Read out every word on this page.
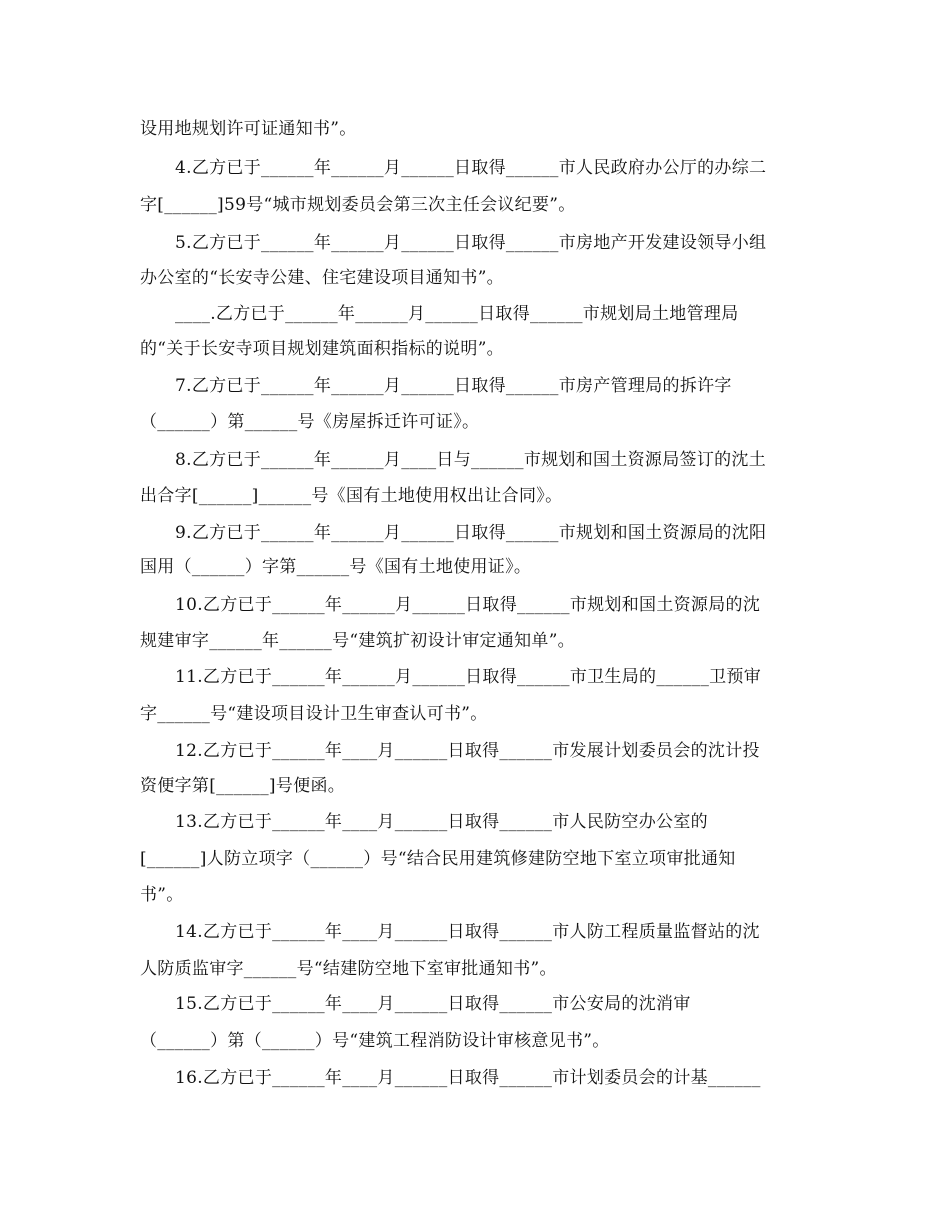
设用地规划许可证通知书”。
4.乙方已于______年______月______日取得______市人民政府办公厅的办综二
字[______]59号“城市规划委员会第三次主任会议纪要”。
5.乙方已于______年______月______日取得______市房地产开发建设领导小组
办公室的“长安寺公建、住宅建设项目通知书”。
____.乙方已于______年______月______日取得______市规划局土地管理局
的“关于长安寺项目规划建筑面积指标的说明”。
7.乙方已于______年______月______日取得______市房产管理局的拆许字
（______）第______号《房屋拆迁许可证》。
8.乙方已于______年______月____日与______市规划和国土资源局签订的沈土
出合字[______]______号《国有土地使用权出让合同》。
9.乙方已于______年______月______日取得______市规划和国土资源局的沈阳
国用（______）字第______号《国有土地使用证》。
10.乙方已于______年______月______日取得______市规划和国土资源局的沈
规建审字______年______号“建筑扩初设计审定通知单”。
11.乙方已于______年______月______日取得______市卫生局的______卫预审
字______号“建设项目设计卫生审查认可书”。
12.乙方已于______年____月______日取得______市发展计划委员会的沈计投
资便字第[______]号便函。
13.乙方已于______年____月______日取得______市人民防空办公室的
[______]人防立项字（______）号“结合民用建筑修建防空地下室立项审批通知
书”。
14.乙方已于______年____月______日取得______市人防工程质量监督站的沈
人防质监审字______号“结建防空地下室审批通知书”。
15.乙方已于______年____月______日取得______市公安局的沈消审
（______）第（______）号“建筑工程消防设计审核意见书”。
16.乙方已于______年____月______日取得______市计划委员会的计基______
